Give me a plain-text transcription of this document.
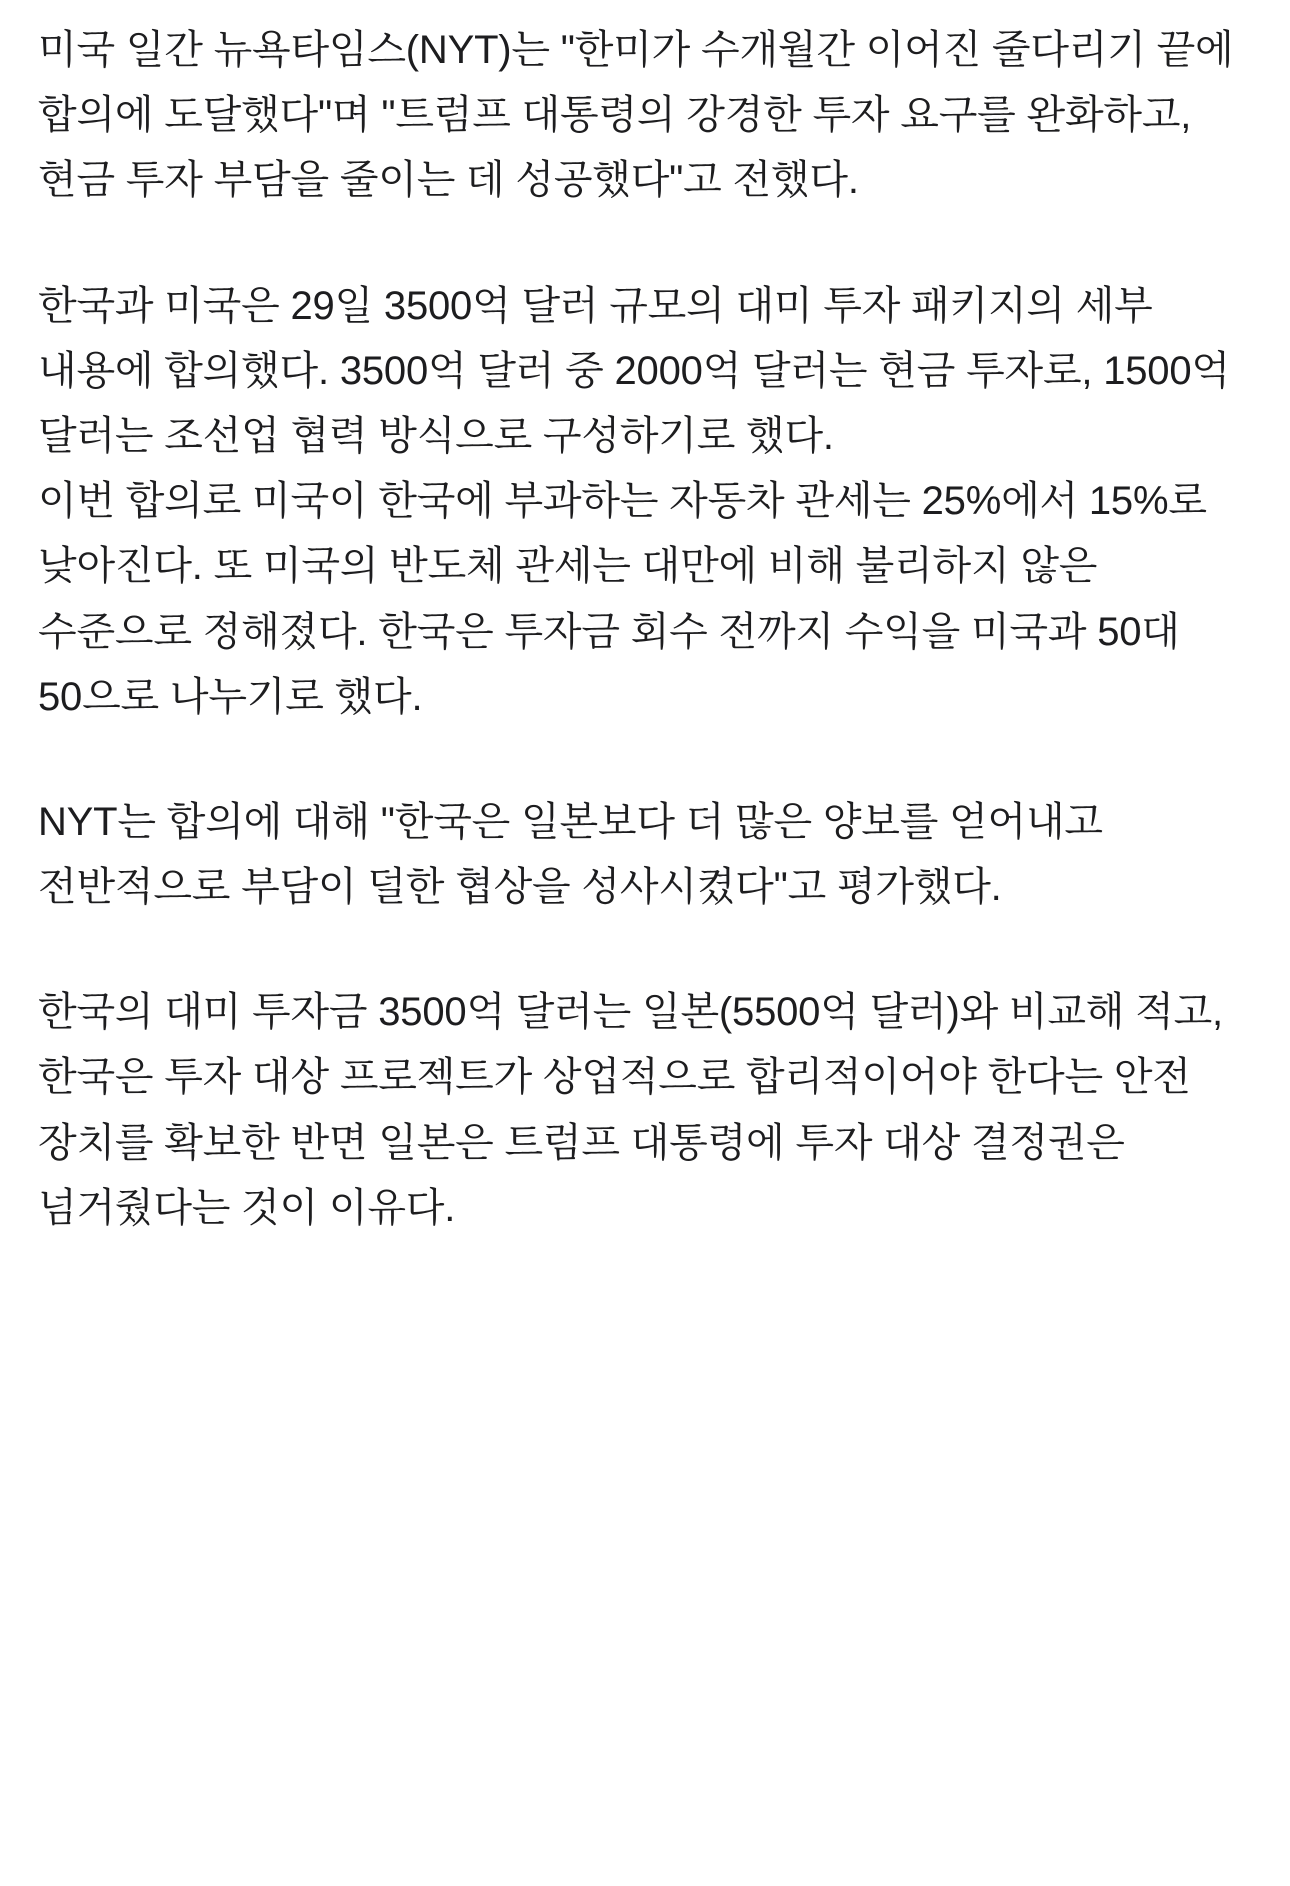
미국 일간 뉴욕타임스(NYT)는 "한미가 수개월간 이어진 줄다리기 끝에 합의에 도달했다"며 "트럼프 대통령의 강경한 투자 요구를 완화하고, 현금 투자 부담을 줄이는 데 성공했다"고 전했다.

한국과 미국은 29일 3500억 달러 규모의 대미 투자 패키지의 세부 내용에 합의했다. 3500억 달러 중 2000억 달러는 현금 투자로, 1500억 달러는 조선업 협력 방식으로 구성하기로 했다.

이번 합의로 미국이 한국에 부과하는 자동차 관세는 25%에서 15%로 낮아진다. 또 미국의 반도체 관세는 대만에 비해 불리하지 않은 수준으로 정해졌다. 한국은 투자금 회수 전까지 수익을 미국과 50대 50으로 나누기로 했다.

NYT는 합의에 대해 "한국은 일본보다 더 많은 양보를 얻어내고 전반적으로 부담이 덜한 협상을 성사시켰다"고 평가했다.

한국의 대미 투자금 3500억 달러는 일본(5500억 달러)와 비교해 적고, 한국은 투자 대상 프로젝트가 상업적으로 합리적이어야 한다는 안전 장치를 확보한 반면 일본은 트럼프 대통령에 투자 대상 결정권은 넘거줬다는 것이 이유다.
